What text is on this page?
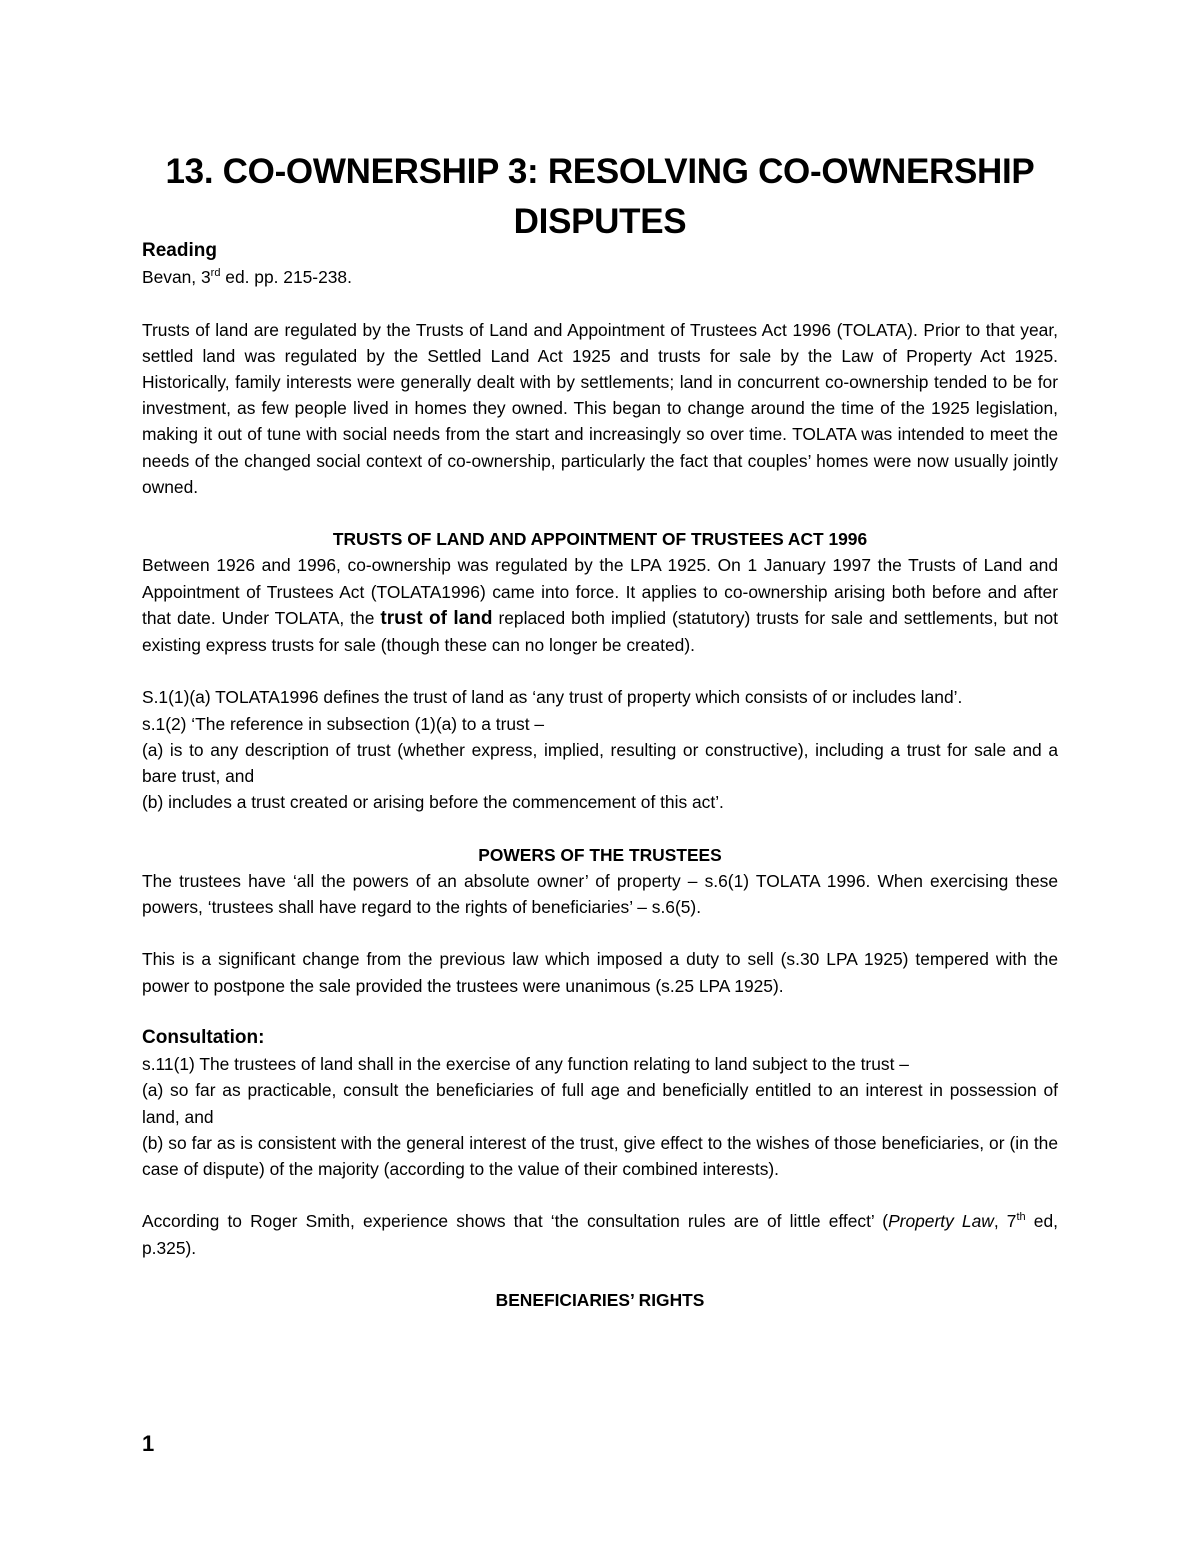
13. CO-OWNERSHIP 3: RESOLVING CO-OWNERSHIP
DISPUTES

Reading

Bevan, 3rd ed. pp. 215-238.

Trusts of land are regulated by the Trusts of Land and Appointment of Trustees Act 1996 (TOLATA). Prior to that year, settled land was regulated by the Settled Land Act 1925 and trusts for sale by the Law of Property Act 1925. Historically, family interests were generally dealt with by settlements; land in concurrent co-ownership tended to be for investment, as few people lived in homes they owned. This began to change around the time of the 1925 legislation, making it out of tune with social needs from the start and increasingly so over time. TOLATA was intended to meet the needs of the changed social context of co-ownership, particularly the fact that couples’ homes were now usually jointly owned.

TRUSTS OF LAND AND APPOINTMENT OF TRUSTEES ACT 1996

Between 1926 and 1996, co-ownership was regulated by the LPA 1925. On 1 January 1997 the Trusts of Land and Appointment of Trustees Act (TOLATA1996) came into force. It applies to co-ownership arising both before and after that date. Under TOLATA, the trust of land replaced both implied (statutory) trusts for sale and settlements, but not existing express trusts for sale (though these can no longer be created).

S.1(1)(a) TOLATA1996 defines the trust of land as ‘any trust of property which consists of or includes land’.

s.1(2) ‘The reference in subsection (1)(a) to a trust –

(a) is to any description of trust (whether express, implied, resulting or constructive), including a trust for sale and a bare trust, and

(b) includes a trust created or arising before the commencement of this act’.

POWERS OF THE TRUSTEES

The trustees have ‘all the powers of an absolute owner’ of property – s.6(1) TOLATA 1996. When exercising these powers, ‘trustees shall have regard to the rights of beneficiaries’ – s.6(5).

This is a significant change from the previous law which imposed a duty to sell (s.30 LPA 1925) tempered with the power to postpone the sale provided the trustees were unanimous (s.25 LPA 1925).

Consultation:

s.11(1) The trustees of land shall in the exercise of any function relating to land subject to the trust –

(a) so far as practicable, consult the beneficiaries of full age and beneficially entitled to an interest in possession of land, and

(b) so far as is consistent with the general interest of the trust, give effect to the wishes of those beneficiaries, or (in the case of dispute) of the majority (according to the value of their combined interests).

According to Roger Smith, experience shows that ‘the consultation rules are of little effect’ (Property Law, 7th ed, p.325).

BENEFICIARIES’ RIGHTS

1
